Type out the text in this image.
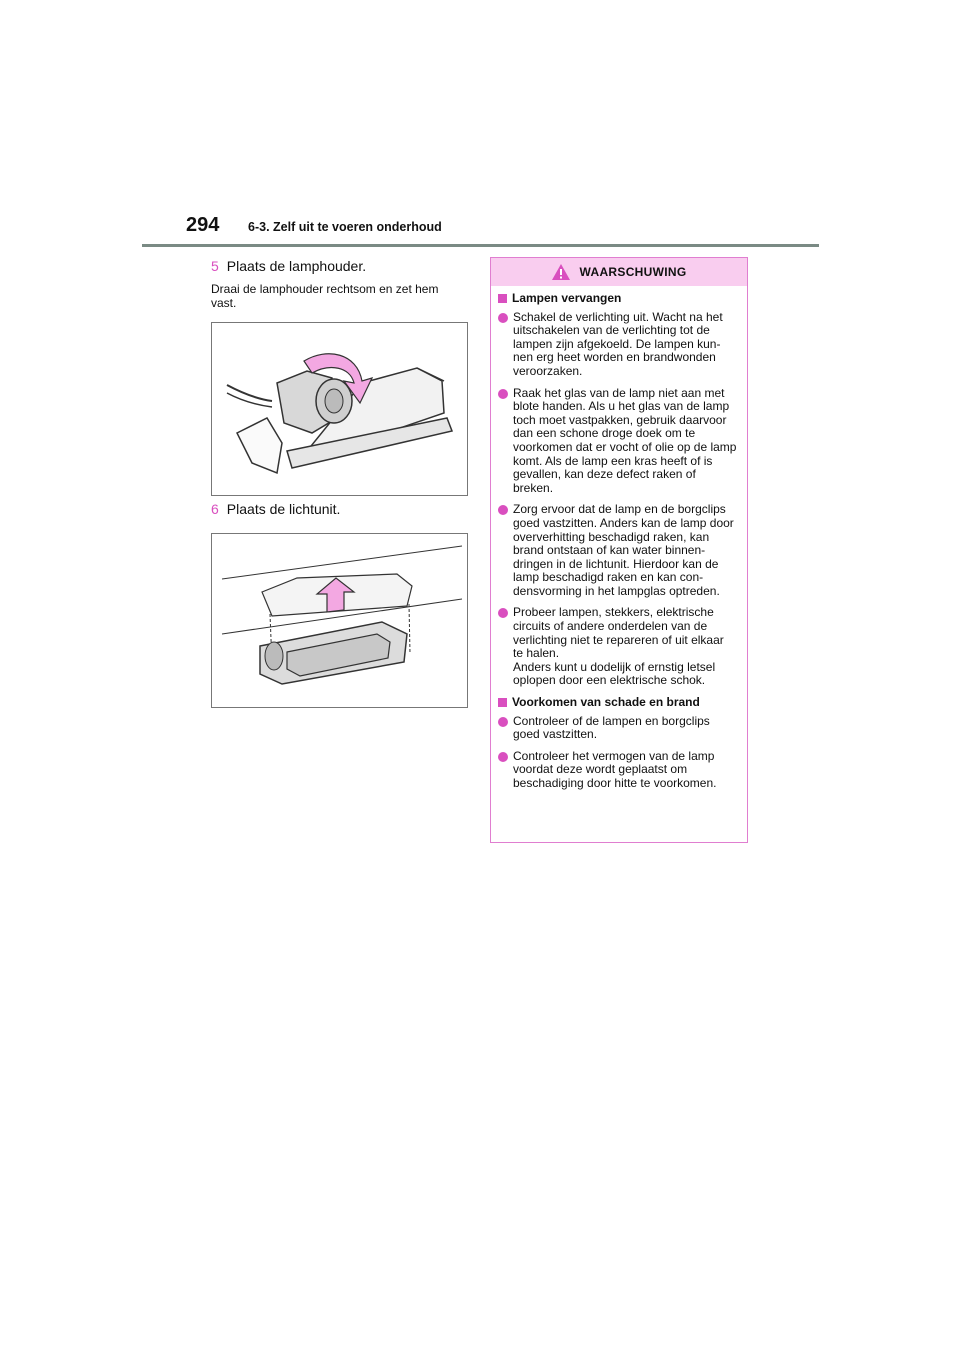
294 6-3. Zelf uit te voeren onderhoud
5 Plaats de lamphouder.
Draai de lamphouder rechtsom en zet hem vast.
6 Plaats de lichtunit.
WAARSCHUWING
Lampen vervangen
Schakel de verlichting uit. Wacht na het uitschakelen van de verlichting tot de lampen zijn afgekoeld. De lampen kun-nen erg heet worden en brandwonden veroorzaken.
Raak het glas van de lamp niet aan met blote handen. Als u het glas van de lamp toch moet vastpakken, gebruik daarvoor dan een schone droge doek om te voorkomen dat er vocht of olie op de lamp komt. Als de lamp een kras heeft of is gevallen, kan deze defect raken of breken.
Zorg ervoor dat de lamp en de borgclips goed vastzitten. Anders kan de lamp door oververhitting beschadigd raken, kan brand ontstaan of kan water binnen-dringen in de lichtunit. Hierdoor kan de lamp beschadigd raken en kan con-densvorming in het lampglas optreden.
Probeer lampen, stekkers, elektrische circuits of andere onderdelen van de verlichting niet te repareren of uit elkaar te halen.
Anders kunt u dodelijk of ernstig letsel oplopen door een elektrische schok.
Voorkomen van schade en brand
Controleer of de lampen en borgclips goed vastzitten.
Controleer het vermogen van de lamp voordat deze wordt geplaatst om beschadiging door hitte te voorkomen.
